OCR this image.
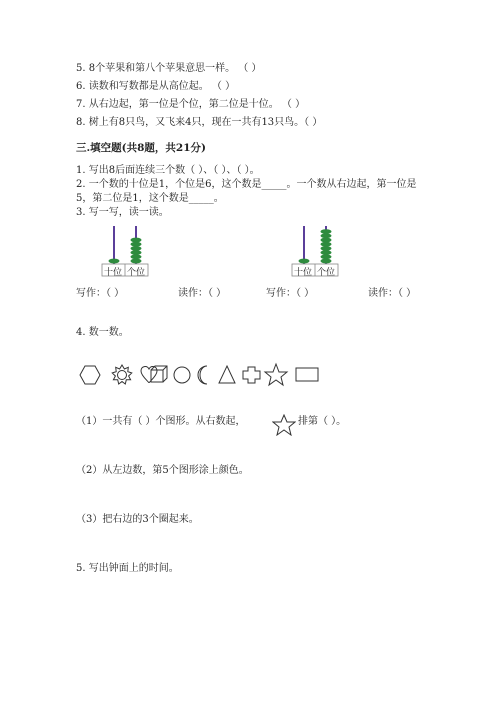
5. 8个苹果和第八个苹果意思一样。 （ ）
6. 读数和写数都是从高位起。 （ ）
7. 从右边起，第一位是个位，第二位是十位。 （ ）
8. 树上有8只鸟，又飞来4只，现在一共有13只鸟。（ ）
三.填空题(共8题，共21分)
1. 写出8后面连续三个数（ ）、（ ）、（ ）。
2. 一个数的十位是1，个位是6，这个数是_____。一个数从右边起，第一位是
5，第二位是1，这个数是_____。
3. 写一写，读一读。
十位 个位	十位 个位
写作：（ ）	读作：（ ）	写作：（ ）	读作：（ ）
4. 数一数。
（1）一共有（ ）个图形。从右数起，	排第（ ）。
（2）从左边数，第5个图形涂上颜色。
（3）把右边的3个圈起来。
5. 写出钟面上的时间。
